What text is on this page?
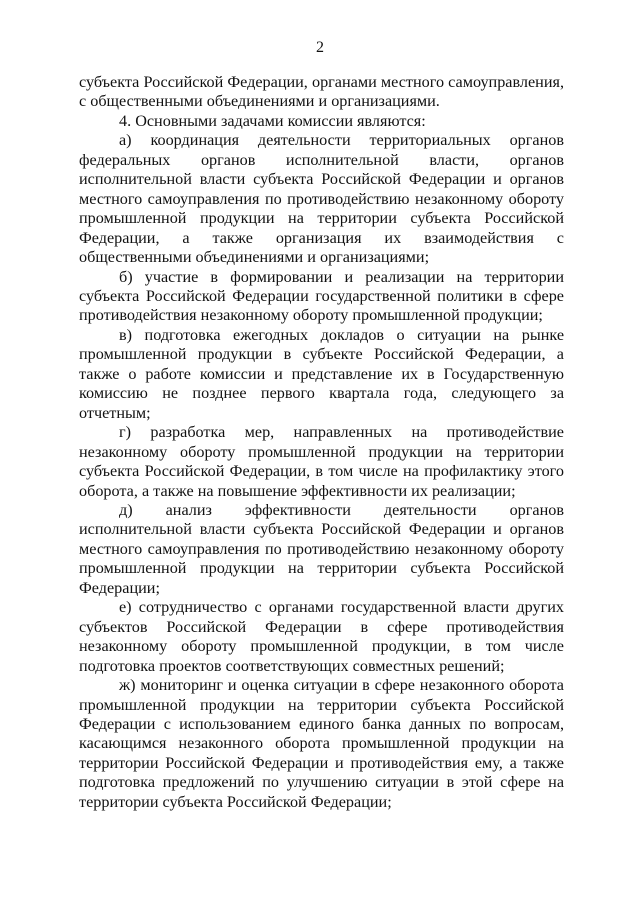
2

субъекта Российской Федерации, органами местного самоуправления, с общественными объединениями и организациями.

4. Основными задачами комиссии являются:

а) координация деятельности территориальных органов федеральных органов исполнительной власти, органов исполнительной власти субъекта Российской Федерации и органов местного самоуправления по противодействию незаконному обороту промышленной продукции на территории субъекта Российской Федерации, а также организация их взаимодействия с общественными объединениями и организациями;

б) участие в формировании и реализации на территории субъекта Российской Федерации государственной политики в сфере противодействия незаконному обороту промышленной продукции;

в) подготовка ежегодных докладов о ситуации на рынке промышленной продукции в субъекте Российской Федерации, а также о работе комиссии и представление их в Государственную комиссию не позднее первого квартала года, следующего за отчетным;

г) разработка мер, направленных на противодействие незаконному обороту промышленной продукции на территории субъекта Российской Федерации, в том числе на профилактику этого оборота, а также на повышение эффективности их реализации;

д) анализ эффективности деятельности органов исполнительной власти субъекта Российской Федерации и органов местного самоуправления по противодействию незаконному обороту промышленной продукции на территории субъекта Российской Федерации;

е) сотрудничество с органами государственной власти других субъектов Российской Федерации в сфере противодействия незаконному обороту промышленной продукции, в том числе подготовка проектов соответствующих совместных решений;

ж) мониторинг и оценка ситуации в сфере незаконного оборота промышленной продукции на территории субъекта Российской Федерации с использованием единого банка данных по вопросам, касающимся незаконного оборота промышленной продукции на территории Российской Федерации и противодействия ему, а также подготовка предложений по улучшению ситуации в этой сфере на территории субъекта Российской Федерации;
